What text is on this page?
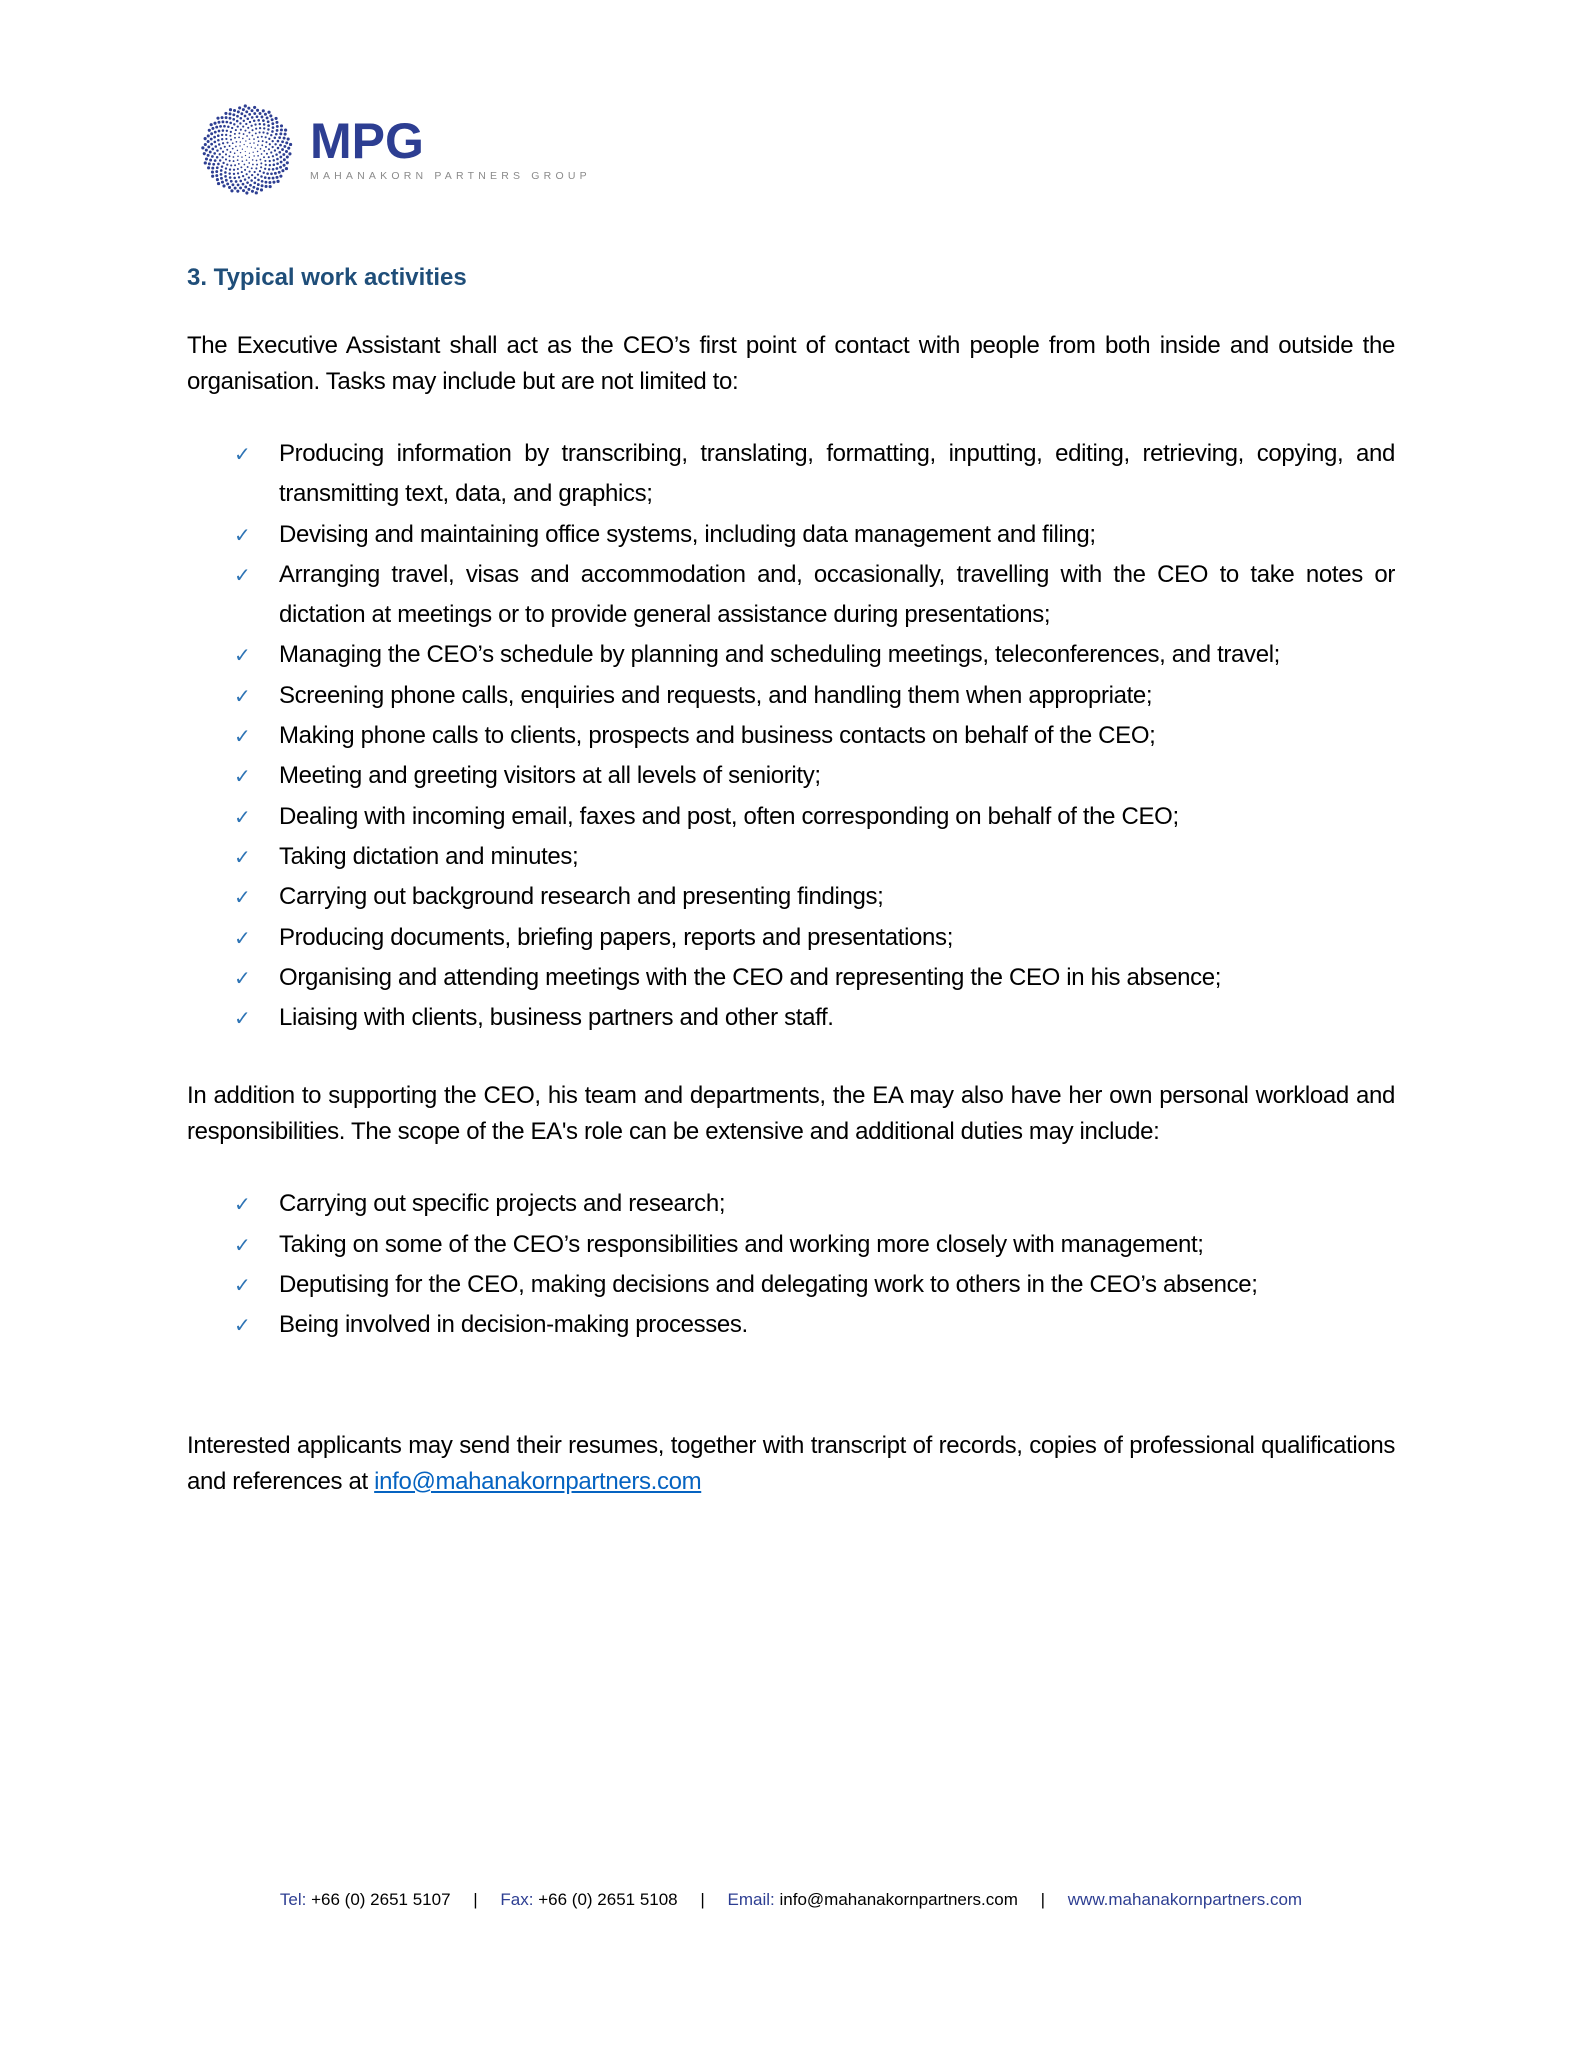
MPG
MAHANAKORN PARTNERS GROUP
3. Typical work activities

The Executive Assistant shall act as the CEO’s first point of contact with people from both inside and outside the organisation. Tasks may include but are not limited to:

✓ Producing information by transcribing, translating, formatting, inputting, editing, retrieving, copying, and transmitting text, data, and graphics;
✓ Devising and maintaining office systems, including data management and filing;
✓ Arranging travel, visas and accommodation and, occasionally, travelling with the CEO to take notes or dictation at meetings or to provide general assistance during presentations;
✓ Managing the CEO’s schedule by planning and scheduling meetings, teleconferences, and travel;
✓ Screening phone calls, enquiries and requests, and handling them when appropriate;
✓ Making phone calls to clients, prospects and business contacts on behalf of the CEO;
✓ Meeting and greeting visitors at all levels of seniority;
✓ Dealing with incoming email, faxes and post, often corresponding on behalf of the CEO;
✓ Taking dictation and minutes;
✓ Carrying out background research and presenting findings;
✓ Producing documents, briefing papers, reports and presentations;
✓ Organising and attending meetings with the CEO and representing the CEO in his absence;
✓ Liaising with clients, business partners and other staff.

In addition to supporting the CEO, his team and departments, the EA may also have her own personal workload and responsibilities. The scope of the EA's role can be extensive and additional duties may include:

✓ Carrying out specific projects and research;
✓ Taking on some of the CEO’s responsibilities and working more closely with management;
✓ Deputising for the CEO, making decisions and delegating work to others in the CEO’s absence;
✓ Being involved in decision-making processes.

Interested applicants may send their resumes, together with transcript of records, copies of professional qualifications and references at info@mahanakornpartners.com

Tel: +66 (0) 2651 5107 | Fax: +66 (0) 2651 5108 | Email: info@mahanakornpartners.com | www.mahanakornpartners.com
